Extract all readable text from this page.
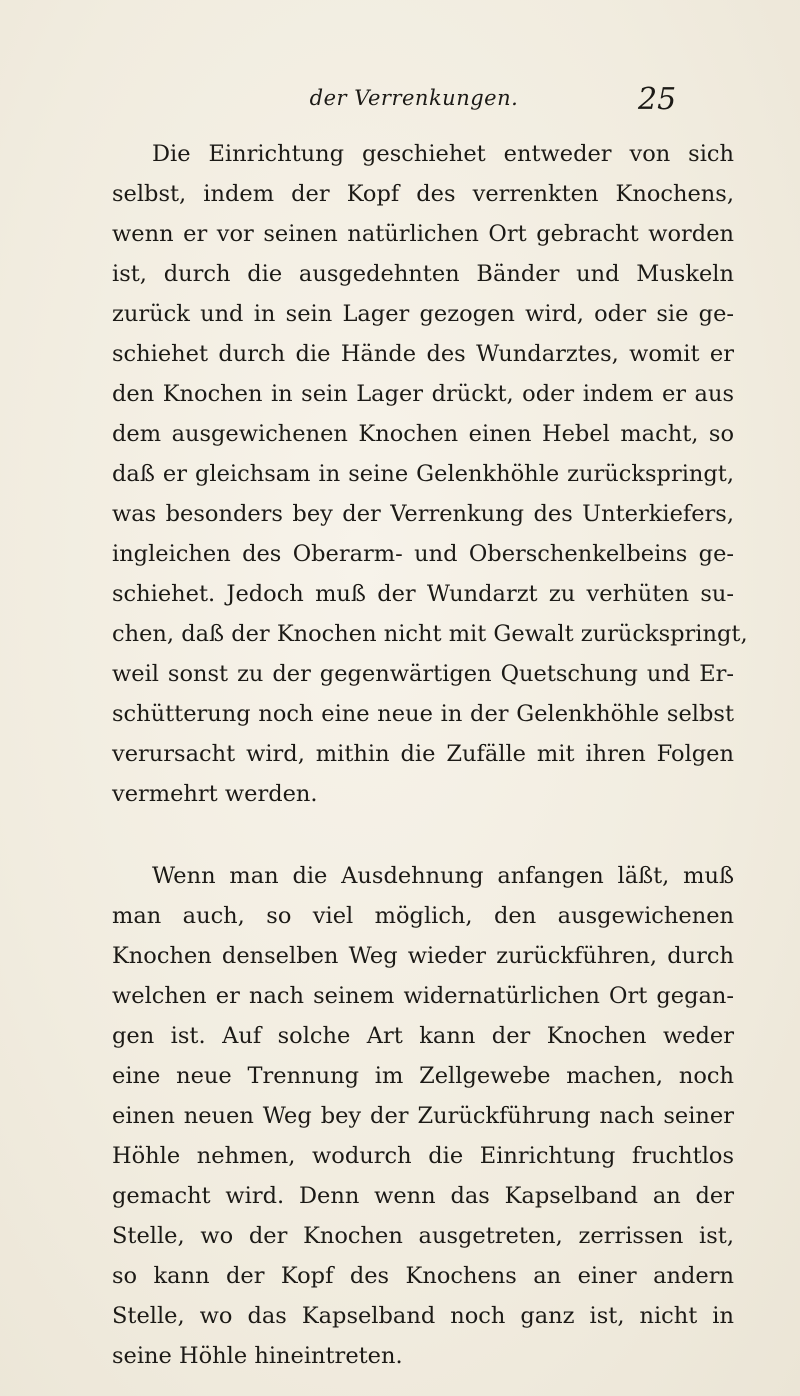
der Verrenkungen.	25

Die Einrichtung geschiehet entweder von sich
selbst, indem der Kopf des verrenkten Knochens,
wenn er vor seinen natürlichen Ort gebracht worden
ist, durch die ausgedehnten Bänder und Muskeln
zurück und in sein Lager gezogen wird, oder sie ge-
schiehet durch die Hände des Wundarztes, womit er
den Knochen in sein Lager drückt, oder indem er aus
dem ausgewichenen Knochen einen Hebel macht, so
daß er gleichsam in seine Gelenkhöhle zurückspringt,
was besonders bey der Verrenkung des Unterkiefers,
ingleichen des Oberarm- und Oberschenkelbeins ge-
schiehet. Jedoch muß der Wundarzt zu verhüten su-
chen, daß der Knochen nicht mit Gewalt zurückspringt,
weil sonst zu der gegenwärtigen Quetschung und Er-
schütterung noch eine neue in der Gelenkhöhle selbst
verursacht wird, mithin die Zufälle mit ihren Folgen
vermehrt werden.

Wenn man die Ausdehnung anfangen läßt, muß
man auch, so viel möglich, den ausgewichenen
Knochen denselben Weg wieder zurückführen, durch
welchen er nach seinem widernatürlichen Ort gegan-
gen ist. Auf solche Art kann der Knochen weder
eine neue Trennung im Zellgewebe machen, noch
einen neuen Weg bey der Zurückführung nach seiner
Höhle nehmen, wodurch die Einrichtung fruchtlos
gemacht wird. Denn wenn das Kapselband an der
Stelle, wo der Knochen ausgetreten, zerrissen ist,
so kann der Kopf des Knochens an einer andern
Stelle, wo das Kapselband noch ganz ist, nicht in
seine Höhle hineintreten.
